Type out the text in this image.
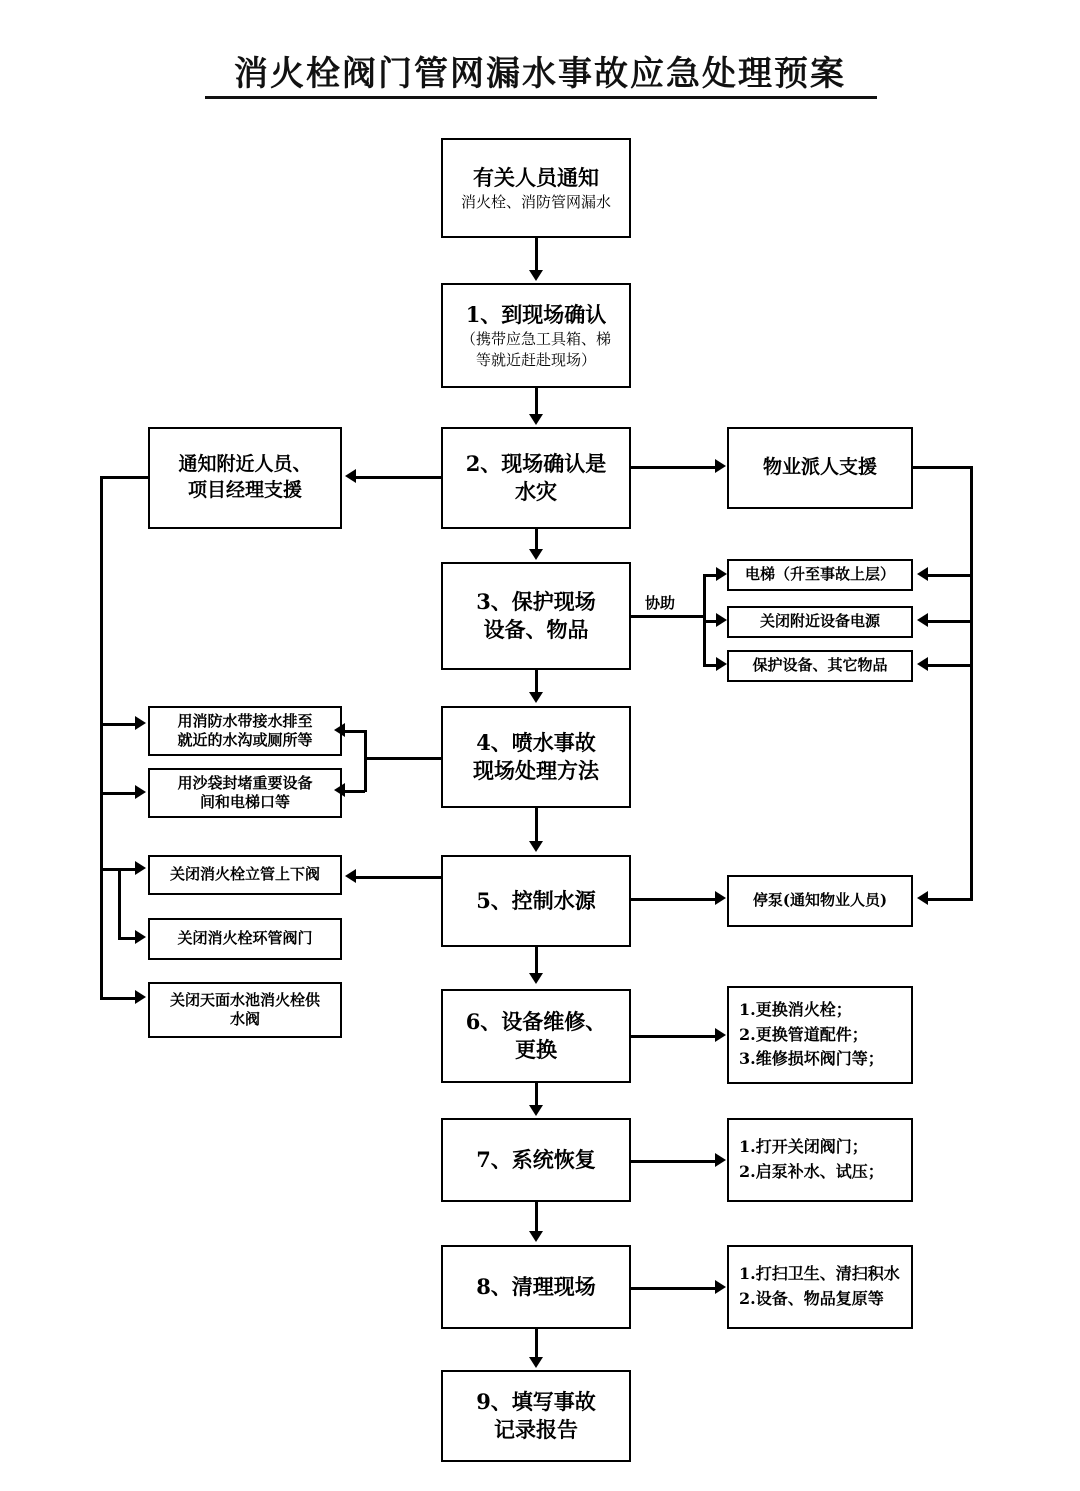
消火栓阀门管网漏水事故应急处理预案
有关人员通知
消火栓、消防管网漏水
1、到现场确认
（携带应急工具箱、梯
等就近赶赴现场）
2、现场确认是
水灾
3、保护现场
设备、物品
4、喷水事故
现场处理方法
5、控制水源
6、设备维修、
更换
7、系统恢复
8、清理现场
9、填写事故
记录报告
通知附近人员、
项目经理支援
物业派人支援
电梯（升至事故上层）
关闭附近设备电源
保护设备、其它物品
用消防水带接水排至
就近的水沟或厕所等
用沙袋封堵重要设备
间和电梯口等
关闭消火栓立管上下阀
关闭消火栓环管阀门
关闭天面水池消火栓供
水阀
停泵(通知物业人员)
1.更换消火栓；
2.更换管道配件；
3.维修损坏阀门等；
1.打开关闭阀门；
2.启泵补水、试压；
1.打扫卫生、清扫积水
2.设备、物品复原等
协助
